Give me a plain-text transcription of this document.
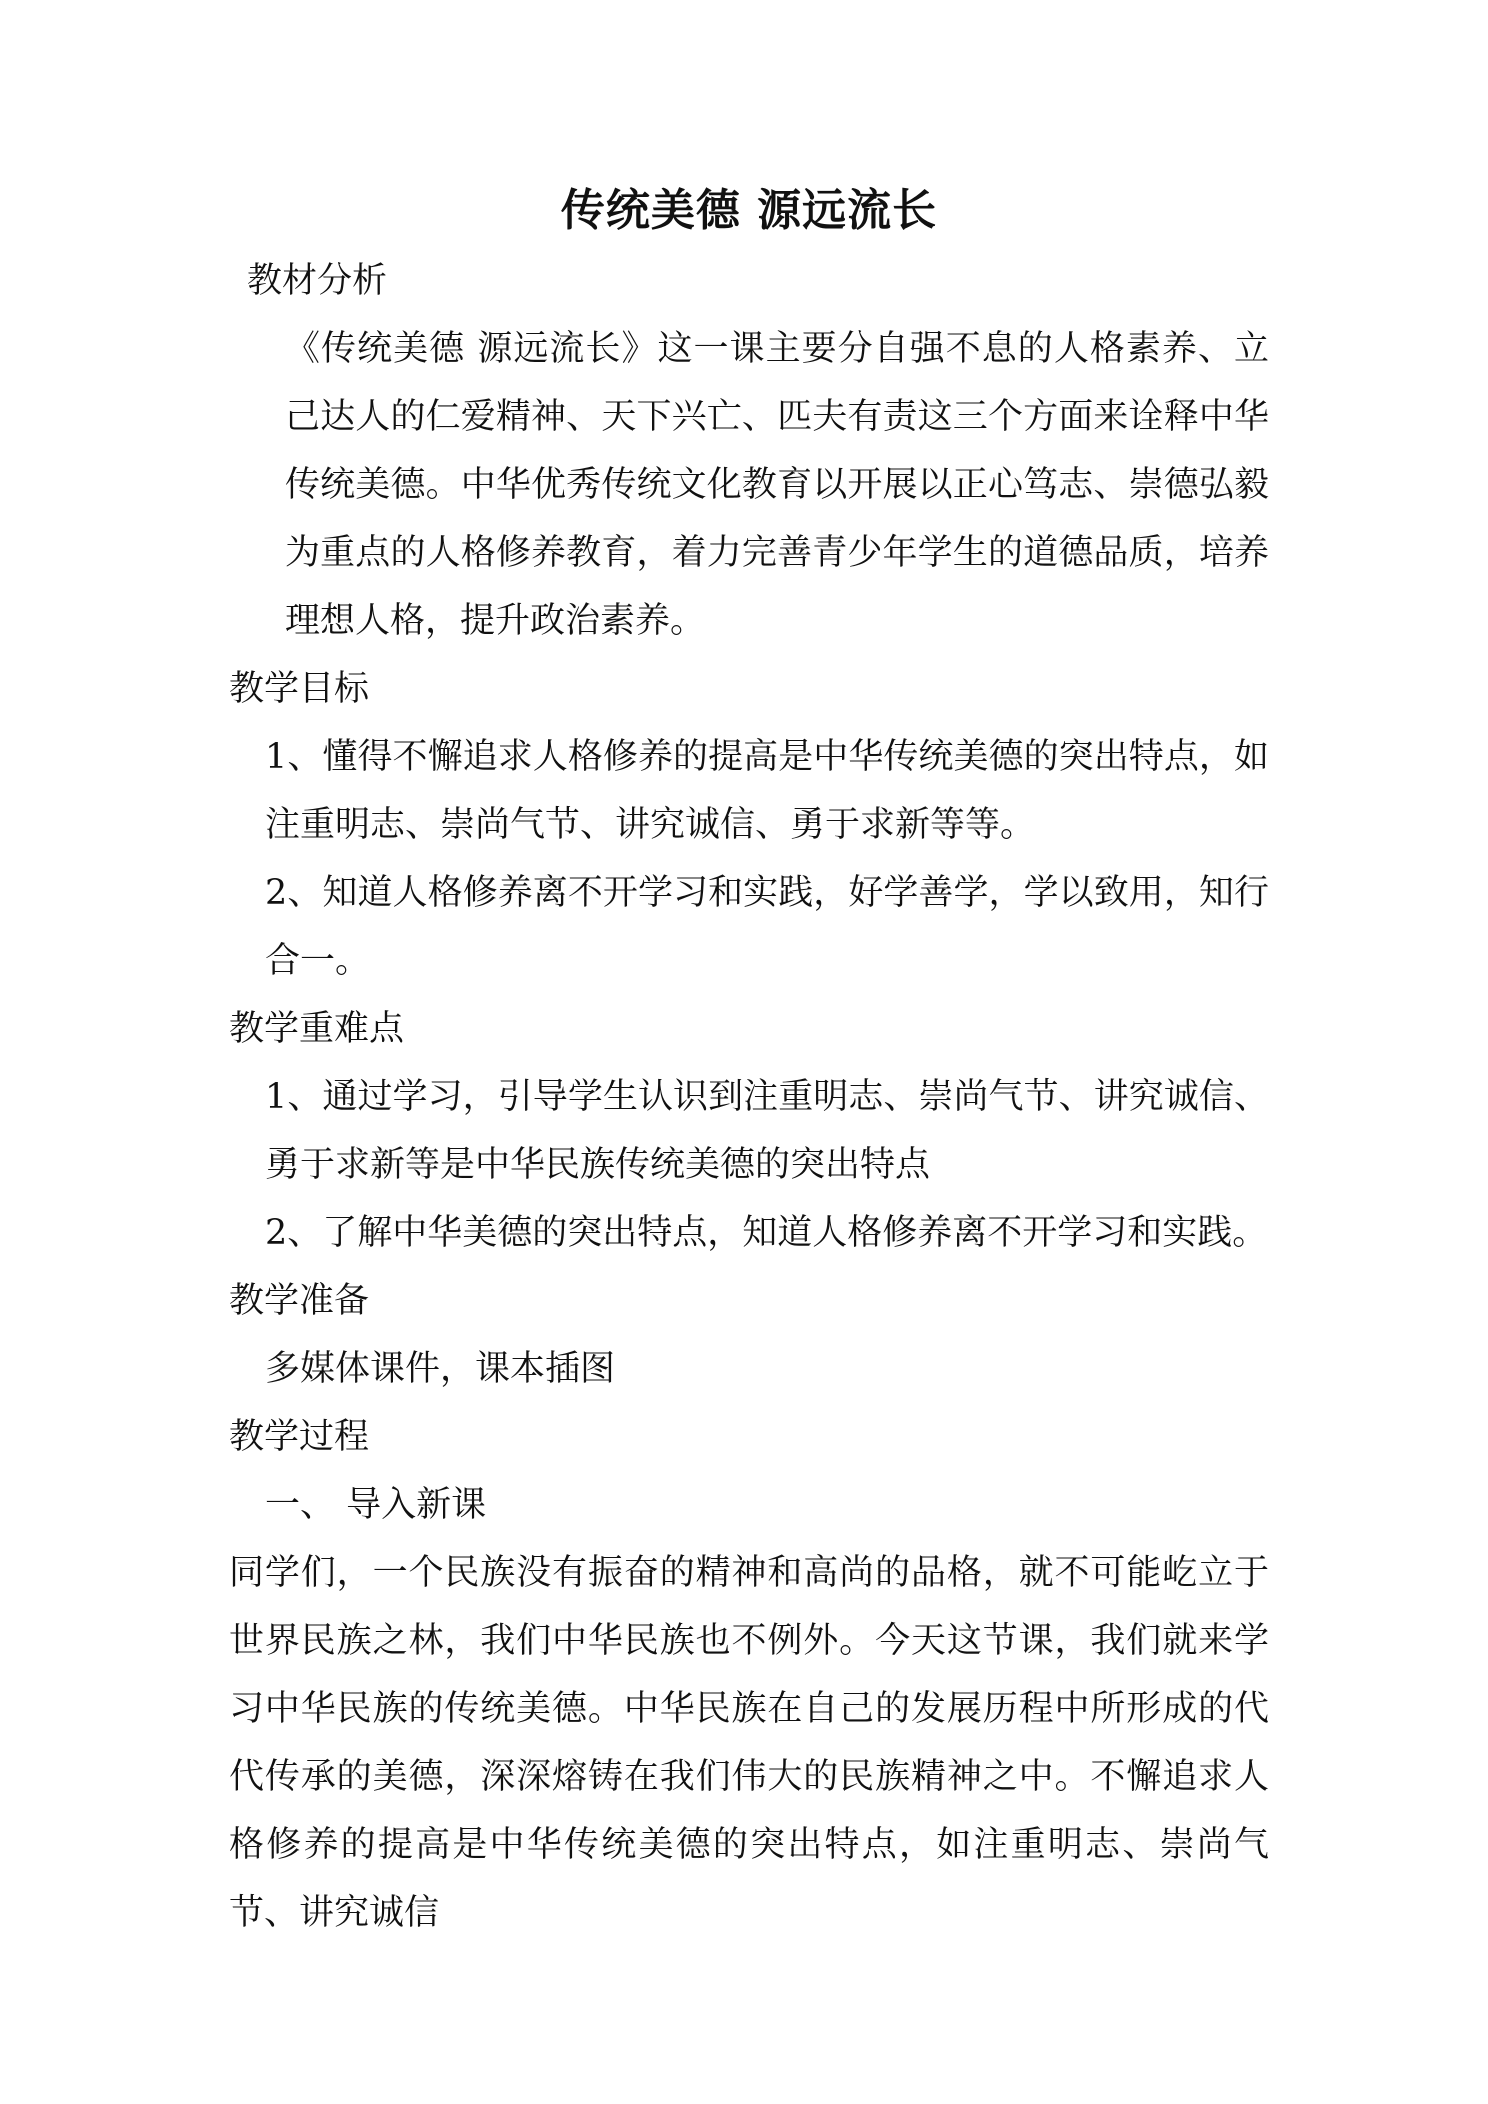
传统美德 源远流长

教材分析

《传统美德 源远流长》这一课主要分自强不息的人格素养、立己达人的仁爱精神、天下兴亡、匹夫有责这三个方面来诠释中华传统美德。中华优秀传统文化教育以开展以正心笃志、崇德弘毅为重点的人格修养教育，着力完善青少年学生的道德品质，培养理想人格，提升政治素养。

教学目标

1、懂得不懈追求人格修养的提高是中华传统美德的突出特点，如注重明志、崇尚气节、讲究诚信、勇于求新等等。

2、知道人格修养离不开学习和实践，好学善学，学以致用，知行合一。

教学重难点

1、通过学习，引导学生认识到注重明志、崇尚气节、讲究诚信、勇于求新等是中华民族传统美德的突出特点

2、了解中华美德的突出特点，知道人格修养离不开学习和实践。

教学准备

多媒体课件，课本插图

教学过程

一、 导入新课

同学们，一个民族没有振奋的精神和高尚的品格，就不可能屹立于世界民族之林，我们中华民族也不例外。今天这节课，我们就来学习中华民族的传统美德。中华民族在自己的发展历程中所形成的代代传承的美德，深深熔铸在我们伟大的民族精神之中。不懈追求人格修养的提高是中华传统美德的突出特点，如注重明志、崇尚气节、讲究诚信
